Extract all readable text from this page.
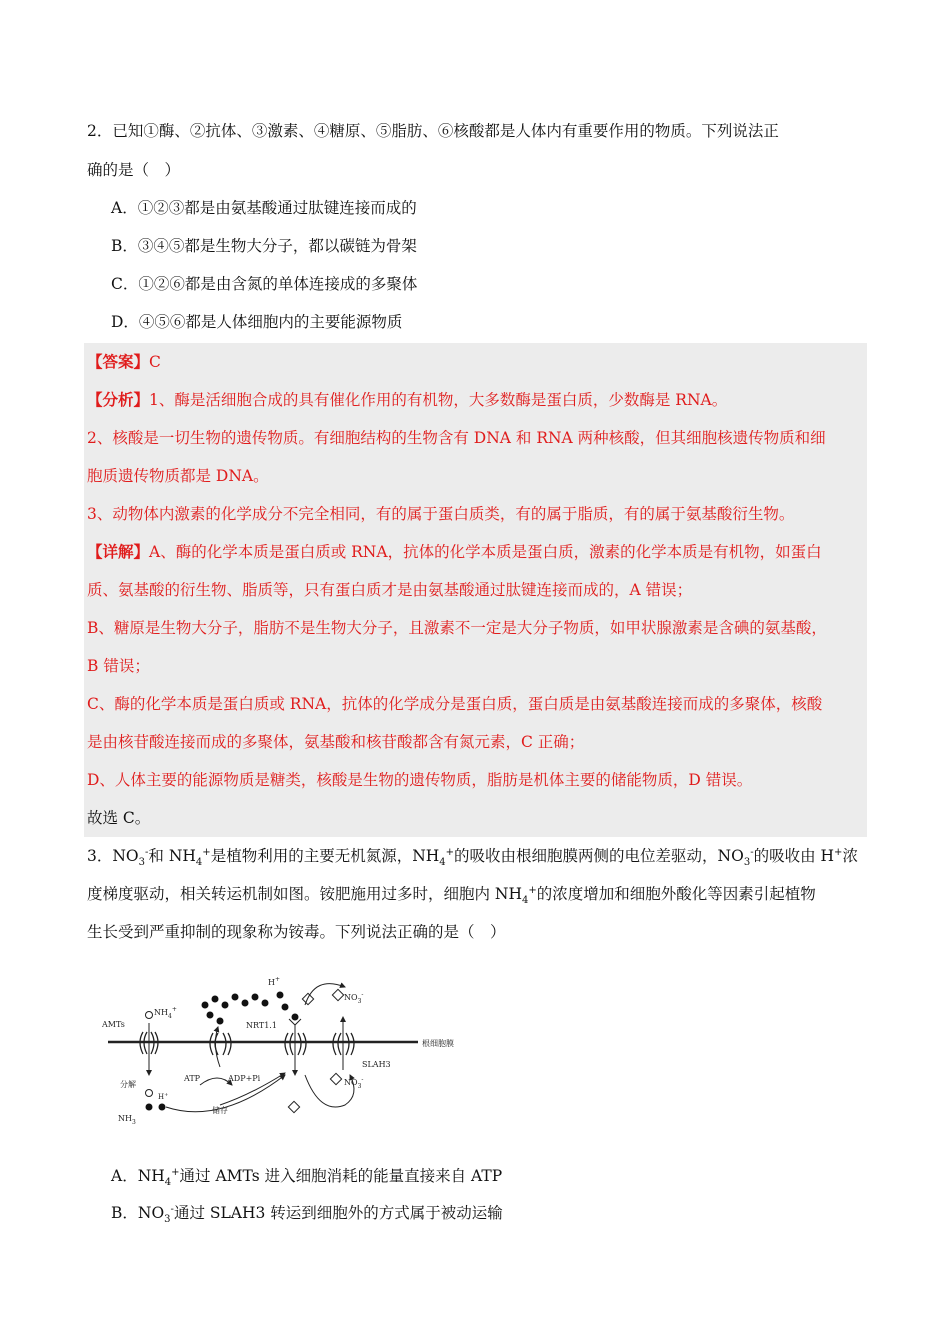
2．已知①酶、②抗体、③激素、④糖原、⑤脂肪、⑥核酸都是人体内有重要作用的物质。下列说法正
确的是（　）
A．①②③都是由氨基酸通过肽键连接而成的
B．③④⑤都是生物大分子，都以碳链为骨架
C．①②⑥都是由含氮的单体连接成的多聚体
D．④⑤⑥都是人体细胞内的主要能源物质
【答案】C
【分析】1、酶是活细胞合成的具有催化作用的有机物，大多数酶是蛋白质，少数酶是 RNA。
2、核酸是一切生物的遗传物质。有细胞结构的生物含有 DNA 和 RNA 两种核酸，但其细胞核遗传物质和细
胞质遗传物质都是 DNA。
3、动物体内激素的化学成分不完全相同，有的属于蛋白质类，有的属于脂质，有的属于氨基酸衍生物。
【详解】A、酶的化学本质是蛋白质或 RNA，抗体的化学本质是蛋白质，激素的化学本质是有机物，如蛋白
质、氨基酸的衍生物、脂质等，只有蛋白质才是由氨基酸通过肽键连接而成的，A 错误；
B、糖原是生物大分子，脂肪不是生物大分子，且激素不一定是大分子物质，如甲状腺激素是含碘的氨基酸，
B 错误；
C、酶的化学本质是蛋白质或 RNA，抗体的化学成分是蛋白质，蛋白质是由氨基酸连接而成的多聚体，核酸
是由核苷酸连接而成的多聚体，氨基酸和核苷酸都含有氮元素，C 正确；
D、人体主要的能源物质是糖类，核酸是生物的遗传物质，脂肪是机体主要的储能物质，D 错误。
故选 C。
3．$NO_3^-$和 $NH_4^+$是植物利用的主要无机氮源，$NH_4^+$的吸收由根细胞膜两侧的电位差驱动，$NO_3^-$的吸收由 H+浓
度梯度驱动，相关转运机制如图。铵肥施用过多时，细胞内 $NH_4^+$的浓度增加和细胞外酸化等因素引起植物
生长受到严重抑制的现象称为铵毒。下列说法正确的是（　）
根细胞膜
AMTs
$NH_4^+$
H+
NRT1.1
$NO_3^-$
SLAH3
$NO_3^-$
分解
$NH_3$
H+
ATP	ADP+Pi
储存
A．$NH_4^+$通过 AMTs 进入细胞消耗的能量直接来自 ATP
B．$NO_3^-$通过 SLAH3 转运到细胞外的方式属于被动运输
